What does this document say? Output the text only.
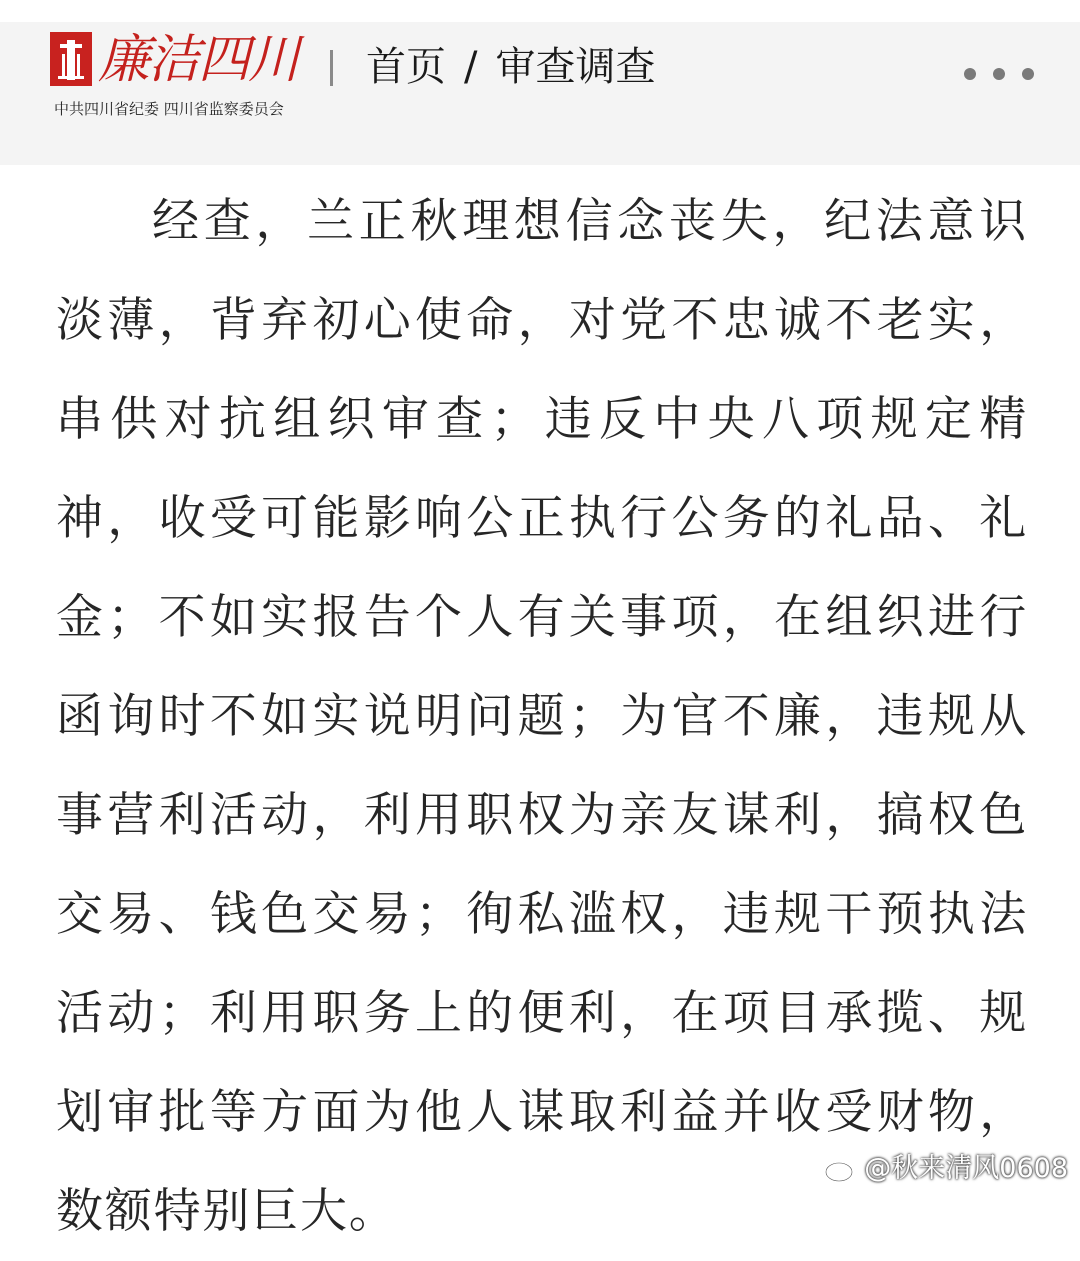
廉洁四川
中共四川省纪委 四川省监察委员会
首页 / 审查调查

经查，兰正秋理想信念丧失，纪法意识淡薄，背弃初心使命，对党不忠诚不老实，串供对抗组织审查；违反中央八项规定精神，收受可能影响公正执行公务的礼品、礼金；不如实报告个人有关事项，在组织进行函询时不如实说明问题；为官不廉，违规从事营利活动，利用职权为亲友谋利，搞权色交易、钱色交易；徇私滥权，违规干预执法活动；利用职务上的便利，在项目承揽、规划审批等方面为他人谋取利益并收受财物，数额特别巨大。

@秋来清风0608
